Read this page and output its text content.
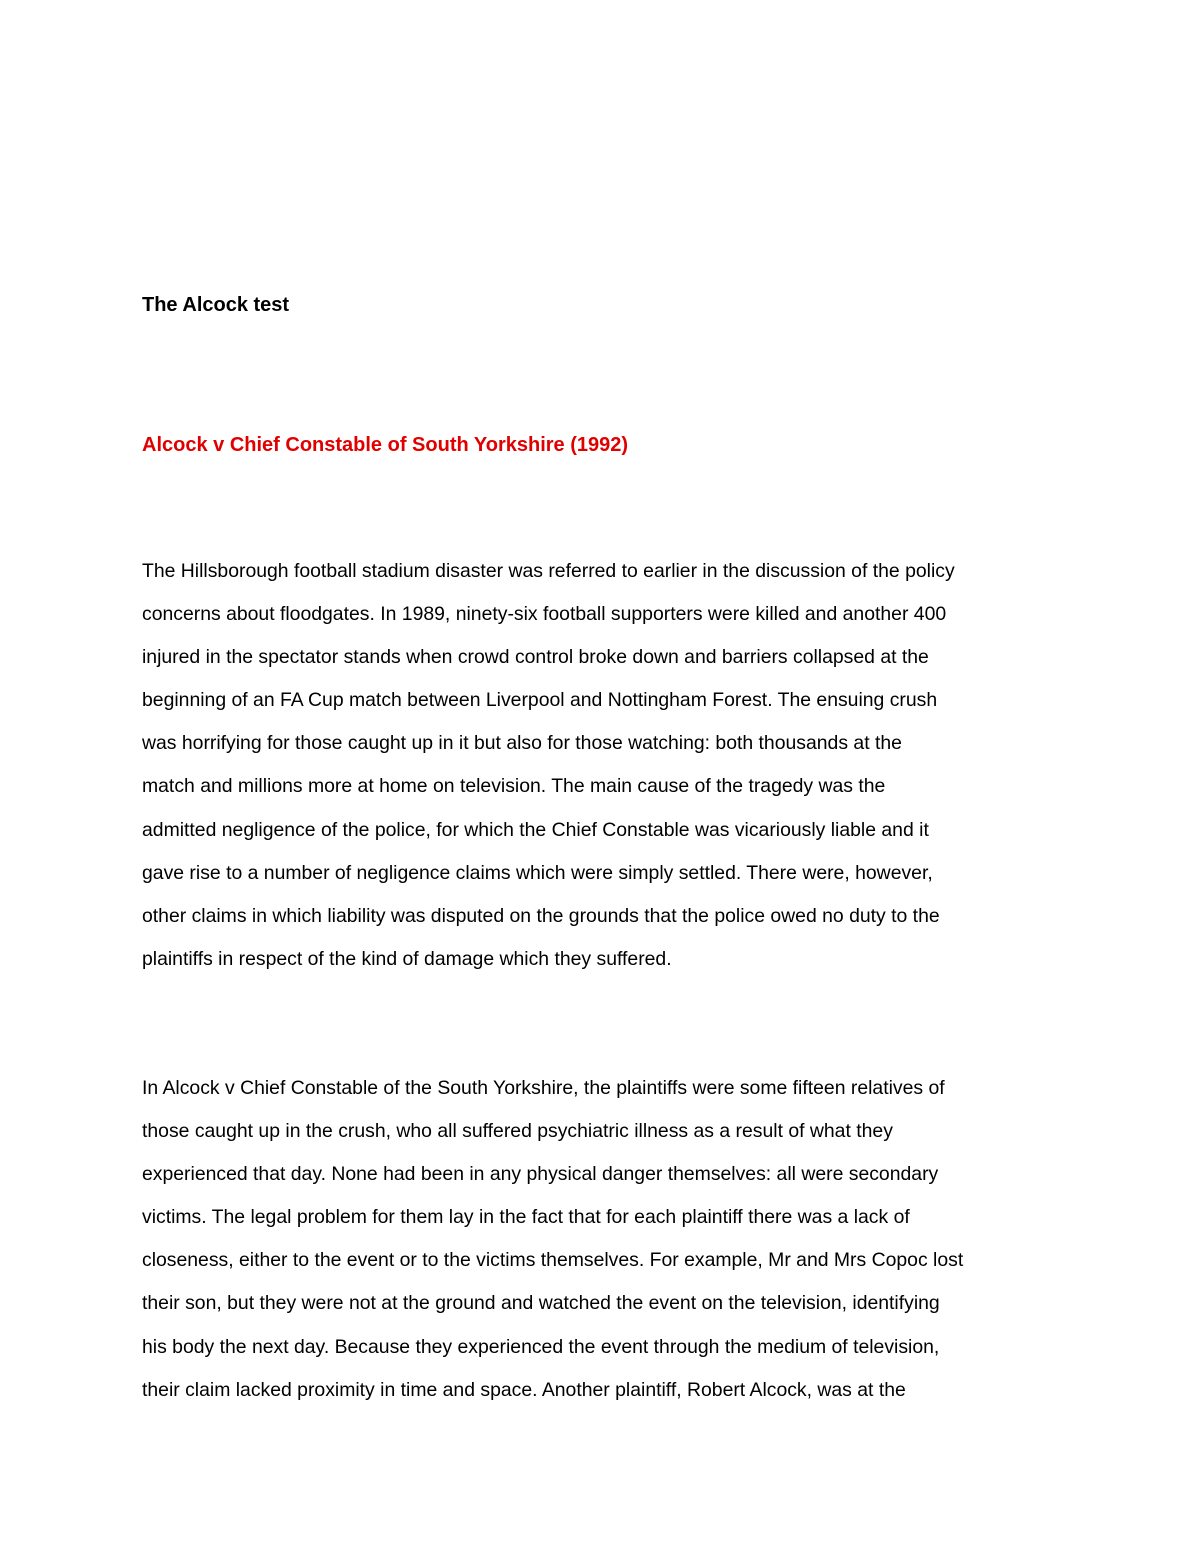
The Alcock test
Alcock v Chief Constable of South Yorkshire (1992)

The Hillsborough football stadium disaster was referred to earlier in the discussion of the policy
concerns about floodgates. In 1989, ninety-six football supporters were killed and another 400
injured in the spectator stands when crowd control broke down and barriers collapsed at the
beginning of an FA Cup match between Liverpool and Nottingham Forest. The ensuing crush
was horrifying for those caught up in it but also for those watching: both thousands at the
match and millions more at home on television. The main cause of the tragedy was the
admitted negligence of the police, for which the Chief Constable was vicariously liable and it
gave rise to a number of negligence claims which were simply settled. There were, however,
other claims in which liability was disputed on the grounds that the police owed no duty to the
plaintiffs in respect of the kind of damage which they suffered.

In Alcock v Chief Constable of the South Yorkshire, the plaintiffs were some fifteen relatives of
those caught up in the crush, who all suffered psychiatric illness as a result of what they
experienced that day. None had been in any physical danger themselves: all were secondary
victims. The legal problem for them lay in the fact that for each plaintiff there was a lack of
closeness, either to the event or to the victims themselves. For example, Mr and Mrs Copoc lost
their son, but they were not at the ground and watched the event on the television, identifying
his body the next day. Because they experienced the event through the medium of television,
their claim lacked proximity in time and space. Another plaintiff, Robert Alcock, was at the
